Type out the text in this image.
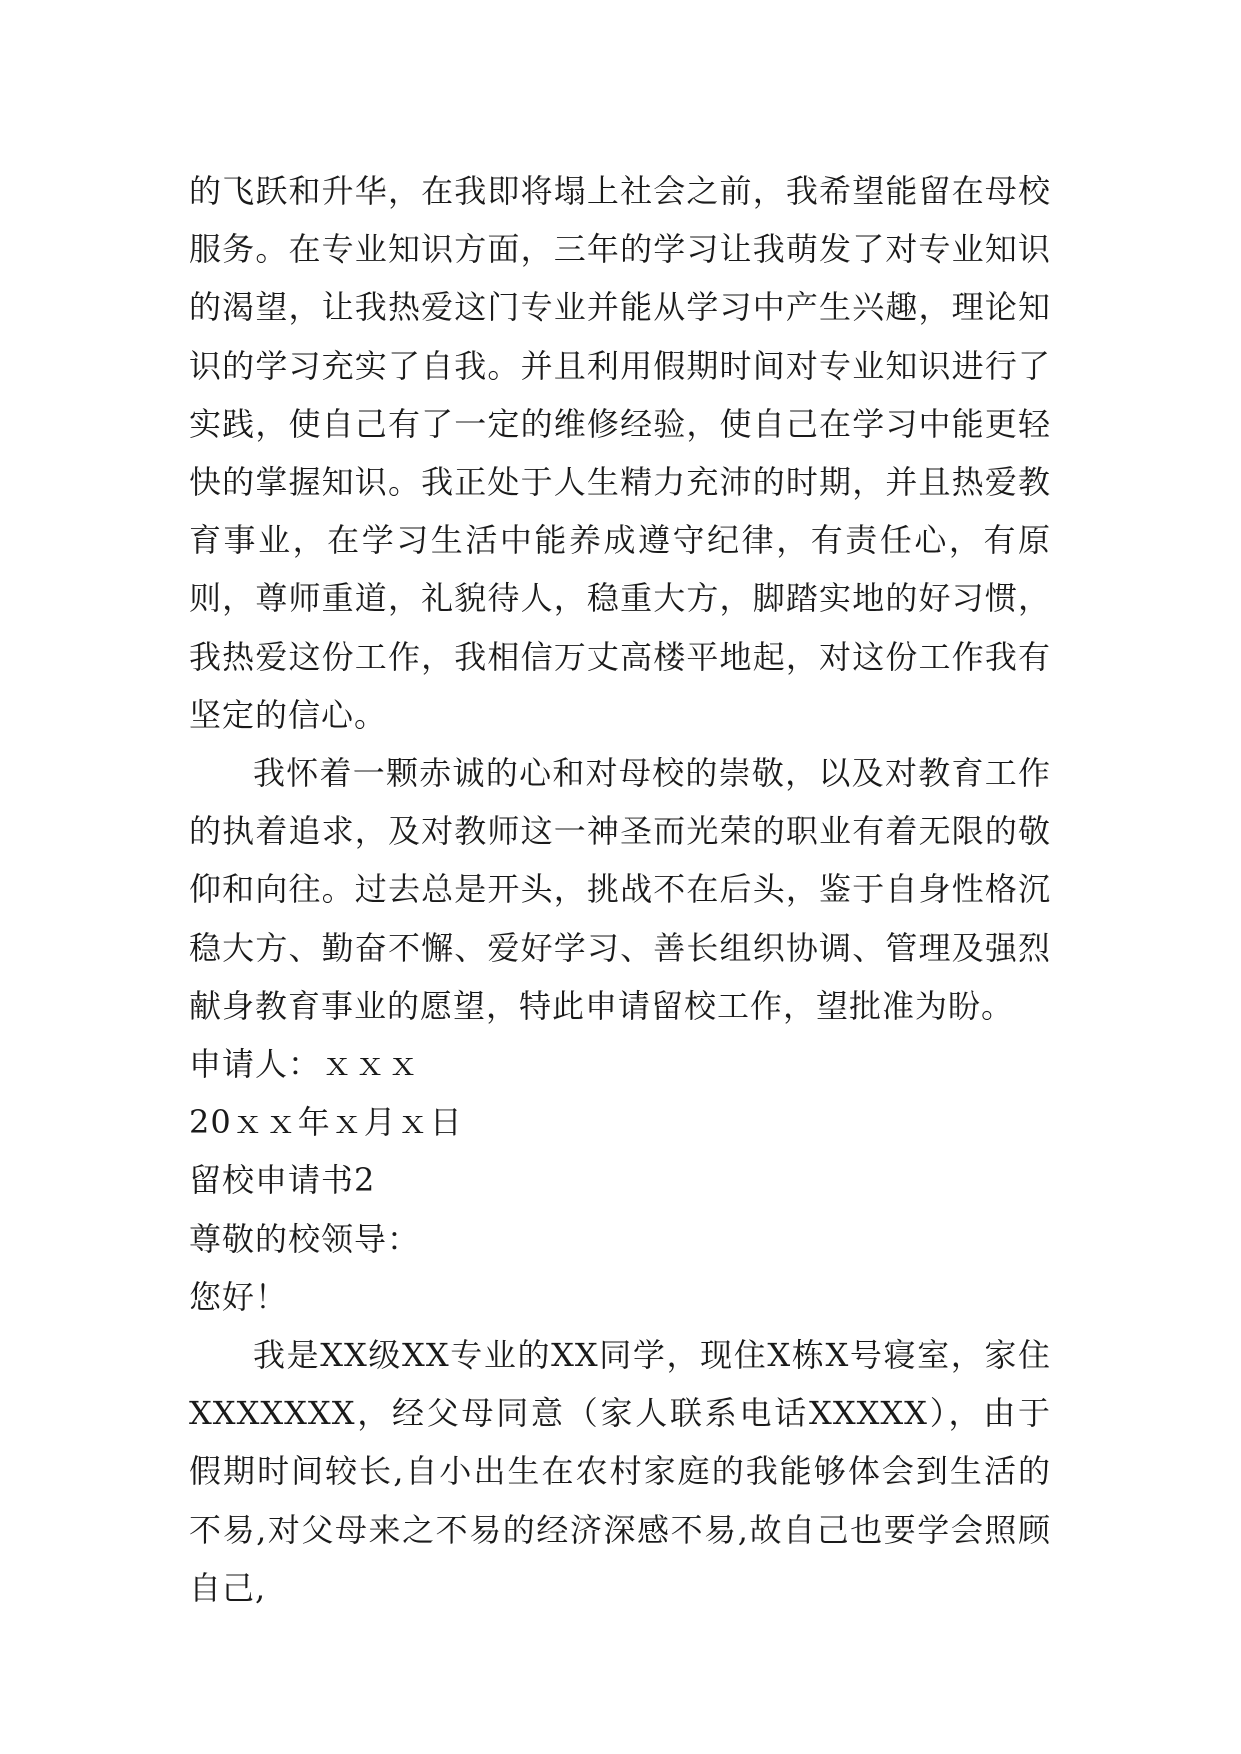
的飞跃和升华，在我即将塌上社会之前，我希望能留在母校服务。在专业知识方面，三年的学习让我萌发了对专业知识的渴望，让我热爱这门专业并能从学习中产生兴趣，理论知识的学习充实了自我。并且利用假期时间对专业知识进行了实践，使自己有了一定的维修经验，使自己在学习中能更轻快的掌握知识。我正处于人生精力充沛的时期，并且热爱教育事业，在学习生活中能养成遵守纪律，有责任心，有原则，尊师重道，礼貌待人，稳重大方，脚踏实地的好习惯，我热爱这份工作，我相信万丈高楼平地起，对这份工作我有坚定的信心。

我怀着一颗赤诚的心和对母校的崇敬，以及对教育工作的执着追求，及对教师这一神圣而光荣的职业有着无限的敬仰和向往。过去总是开头，挑战不在后头，鉴于自身性格沉稳大方、勤奋不懈、爱好学习、善长组织协调、管理及强烈献身教育事业的愿望，特此申请留校工作，望批准为盼。

申请人：ｘｘｘ

20ｘｘ年ｘ月ｘ日

留校申请书2

尊敬的校领导：

您好！

我是XX级XX专业的XX同学，现住X栋X号寝室，家住XXXXXXX，经父母同意（家人联系电话XXXXX），由于假期时间较长,自小出生在农村家庭的我能够体会到生活的不易,对父母来之不易的经济深感不易,故自己也要学会照顾自己,
